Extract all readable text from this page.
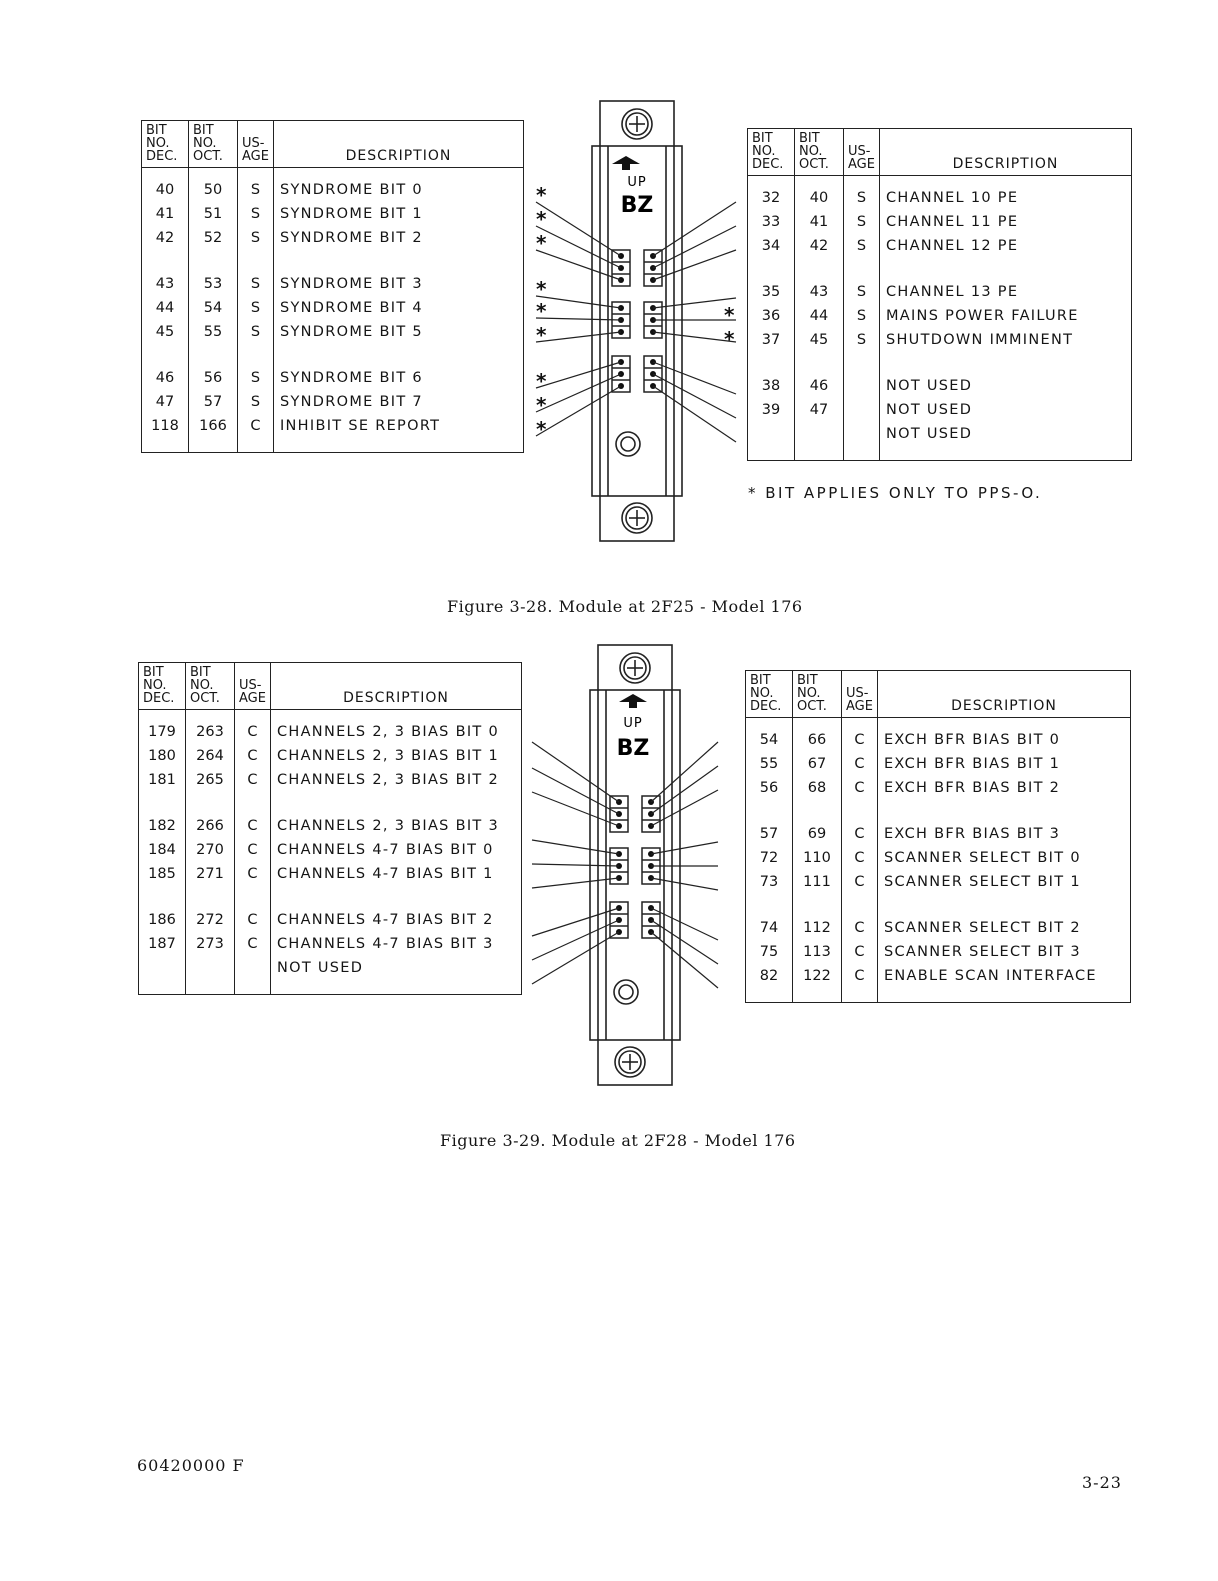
BIT
NO.
DEC.	BIT
NO.
OCT.	US-
AGE	DESCRIPTION
40	50	S	SYNDROME BIT 0
41	51	S	SYNDROME BIT 1
42	52	S	SYNDROME BIT 2
43	53	S	SYNDROME BIT 3
44	54	S	SYNDROME BIT 4
45	55	S	SYNDROME BIT 5
46	56	S	SYNDROME BIT 6
47	57	S	SYNDROME BIT 7
118	166	C	INHIBIT SE REPORT

UP
BZ
*
*
*
*
*
*
*
*
*
*
*
BIT
NO.
DEC.	BIT
NO.
OCT.	US-
AGE	DESCRIPTION
32	40	S	CHANNEL 10 PE
33	41	S	CHANNEL 11 PE
34	42	S	CHANNEL 12 PE
35	43	S	CHANNEL 13 PE
36	44	S	MAINS POWER FAILURE
37	45	S	SHUTDOWN IMMINENT
38	46		NOT USED
39	47		NOT USED
			NOT USED

* BIT APPLIES ONLY TO PPS-O.
Figure 3-28. Module at 2F25 - Model 176
BIT
NO.
DEC.	BIT
NO.
OCT.	US-
AGE	DESCRIPTION
179	263	C	CHANNELS 2, 3 BIAS BIT 0
180	264	C	CHANNELS 2, 3 BIAS BIT 1
181	265	C	CHANNELS 2, 3 BIAS BIT 2
182	266	C	CHANNELS 2, 3 BIAS BIT 3
184	270	C	CHANNELS 4-7 BIAS BIT 0
185	271	C	CHANNELS 4-7 BIAS BIT 1
186	272	C	CHANNELS 4-7 BIAS BIT 2
187	273	C	CHANNELS 4-7 BIAS BIT 3
			NOT USED

UP
BZ
BIT
NO.
DEC.	BIT
NO.
OCT.	US-
AGE	DESCRIPTION
54	66	C	EXCH BFR BIAS BIT 0
55	67	C	EXCH BFR BIAS BIT 1
56	68	C	EXCH BFR BIAS BIT 2
57	69	C	EXCH BFR BIAS BIT 3
72	110	C	SCANNER SELECT BIT 0
73	111	C	SCANNER SELECT BIT 1
74	112	C	SCANNER SELECT BIT 2
75	113	C	SCANNER SELECT BIT 3
82	122	C	ENABLE SCAN INTERFACE

Figure 3-29. Module at 2F28 - Model 176
60420000 F
3-23
